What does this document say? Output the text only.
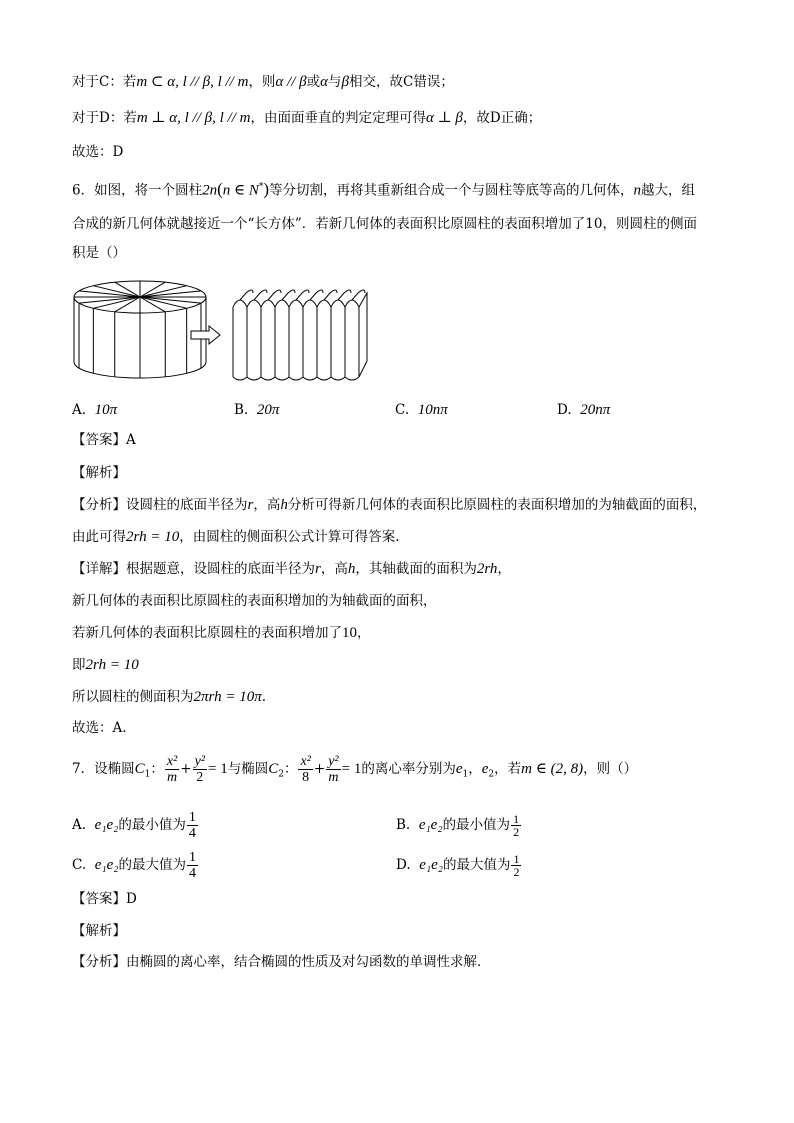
对于C：若m ⊂ α, l // β, l // m，则α // β或α与β相交，故C错误；
对于D：若m ⊥ α, l // β, l // m，由面面垂直的判定定理可得α ⊥ β，故D正确；
故选：D
6．如图，将一个圆柱2n(n ∈ N*)等分切割，再将其重新组合成一个与圆柱等底等高的几何体，n越大，组
合成的新几何体就越接近一个“长方体”．若新几何体的表面积比原圆柱的表面积增加了10，则圆柱的侧面
积是（）
A. 10π	B. 20π	C. 10nπ	D. 20nπ
【答案】A
【解析】
【分析】设圆柱的底面半径为r，高h分析可得新几何体的表面积比原圆柱的表面积增加的为轴截面的面积，
由此可得2rh = 10，由圆柱的侧面积公式计算可得答案.
【详解】根据题意，设圆柱的底面半径为r，高h，其轴截面的面积为2rh，
新几何体的表面积比原圆柱的表面积增加的为轴截面的面积，
若新几何体的表面积比原圆柱的表面积增加了10，
即2rh = 10
所以圆柱的侧面积为2πrh = 10π.
故选：A.
7．设椭圆$C_1$： $\frac{\text{x²}}{m} + \frac{\text{y²}}{2} = 1$与椭圆$C_2$： $\frac{\text{x²}}{8} + \frac{\text{y²}}{m} = 1$的离心率分别为$e_1$，$e_2$，若m ∈ (2, 8)，则（）
A. e₁e₂的最小值为 $\frac{1}{4}$	B. e₁e₂的最小值为 $\frac{1}{2}$
C. e₁e₂的最大值为 $\frac{1}{4}$	D. e₁e₂的最大值为 $\frac{1}{2}$
【答案】D
【解析】
【分析】由椭圆的离心率，结合椭圆的性质及对勾函数的单调性求解．
